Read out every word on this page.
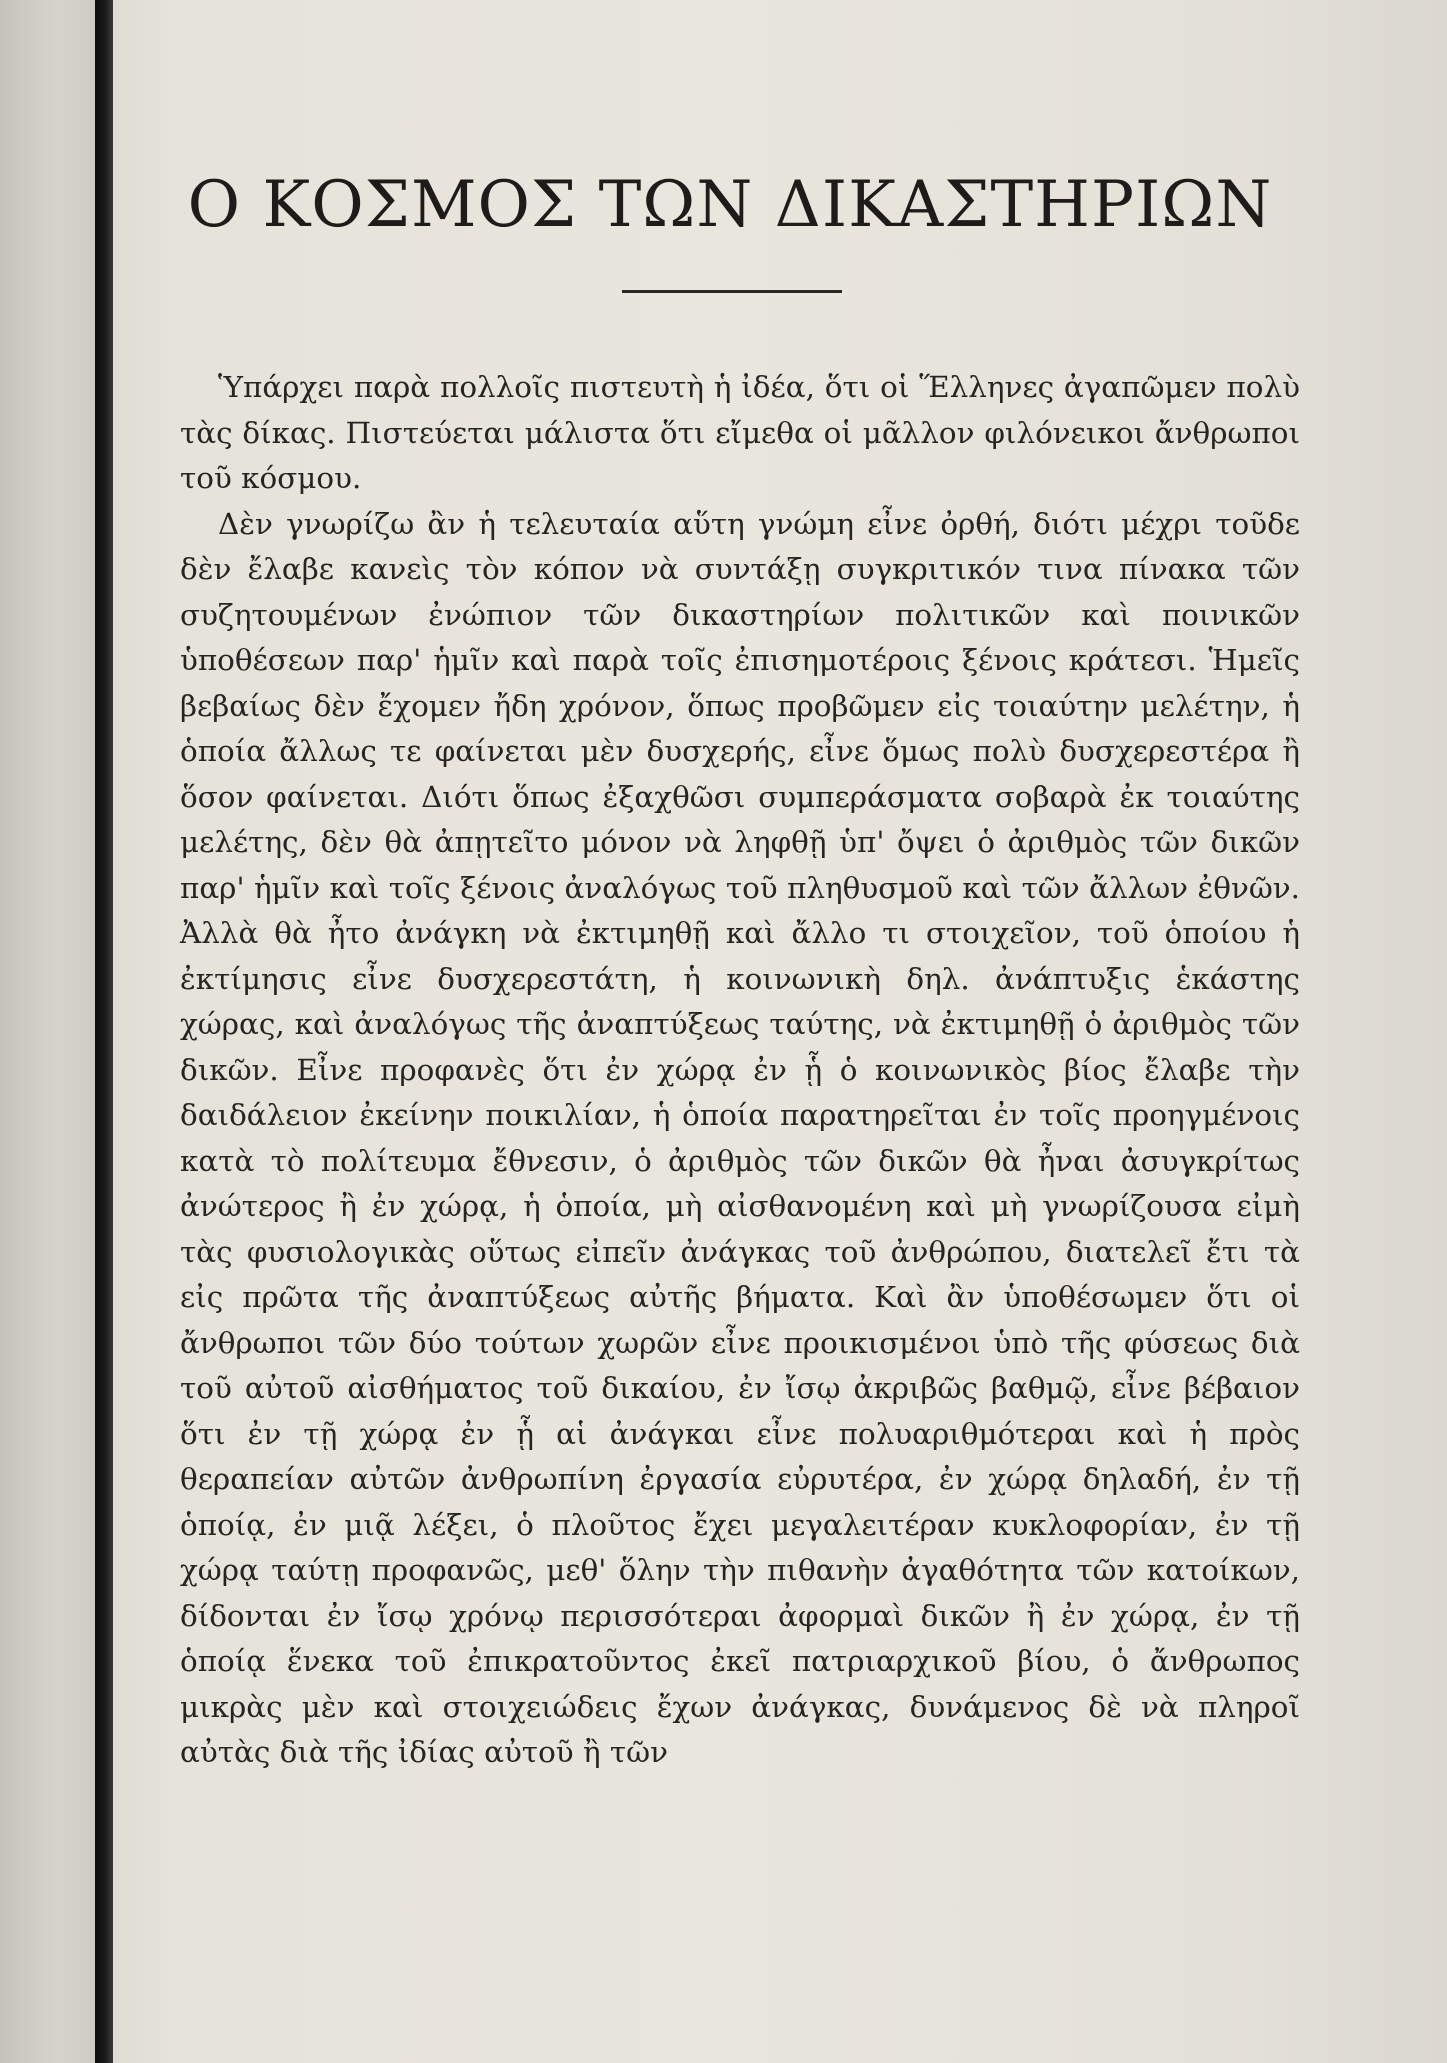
Ο ΚΟΣΜΟΣ ΤΩΝ ΔΙΚΑΣΤΗΡΙΩΝ

Ὑπάρχει παρὰ πολλοῖς πιστευτὴ ἡ ἰδέα, ὅτι οἱ Ἕλληνες ἀγαπῶμεν πολὺ τὰς δίκας. Πιστεύεται μάλιστα ὅτι εἴμεθα οἱ μᾶλλον φιλόνεικοι ἄνθρωποι τοῦ κόσμου.

Δὲν γνωρίζω ἂν ἡ τελευταία αὕτη γνώμη εἶνε ὀρθή, διότι μέχρι τοῦδε δὲν ἔλαβε κανεὶς τὸν κόπον νὰ συντάξῃ συγκριτικόν τινα πίνακα τῶν συζητουμένων ἐνώπιον τῶν δικαστηρίων πολιτικῶν καὶ ποινικῶν ὑποθέσεων παρ' ἡμῖν καὶ παρὰ τοῖς ἐπισημοτέροις ξένοις κράτεσι. Ἡμεῖς βεβαίως δὲν ἔχομεν ἤδη χρόνον, ὅπως προβῶμεν εἰς τοιαύτην μελέτην, ἡ ὁποία ἄλλως τε φαίνεται μὲν δυσχερής, εἶνε ὅμως πολὺ δυσχερεστέρα ἢ ὅσον φαίνεται. Διότι ὅπως ἐξαχθῶσι συμπεράσματα σοβαρὰ ἐκ τοιαύτης μελέτης, δὲν θὰ ἀπῃτεῖτο μόνον νὰ ληφθῇ ὑπ' ὄψει ὁ ἀριθμὸς τῶν δικῶν παρ' ἡμῖν καὶ τοῖς ξένοις ἀναλόγως τοῦ πληθυσμοῦ καὶ τῶν ἄλλων ἐθνῶν. Ἀλλὰ θὰ ἦτο ἀνάγκη νὰ ἐκτιμηθῇ καὶ ἄλλο τι στοιχεῖον, τοῦ ὁποίου ἡ ἐκτίμησις εἶνε δυσχερεστάτη, ἡ κοινωνικὴ δηλ. ἀνάπτυξις ἑκάστης χώρας, καὶ ἀναλόγως τῆς ἀναπτύξεως ταύτης, νὰ ἐκτιμηθῇ ὁ ἀριθμὸς τῶν δικῶν. Εἶνε προφανὲς ὅτι ἐν χώρᾳ ἐν ᾗ ὁ κοινωνικὸς βίος ἔλαβε τὴν δαιδάλειον ἐκείνην ποικιλίαν, ἡ ὁποία παρατηρεῖται ἐν τοῖς προηγμένοις κατὰ τὸ πολίτευμα ἔθνεσιν, ὁ ἀριθμὸς τῶν δικῶν θὰ ἦναι ἀσυγκρίτως ἀνώτερος ἢ ἐν χώρᾳ, ἡ ὁποία, μὴ αἰσθανομένη καὶ μὴ γνωρίζουσα εἰμὴ τὰς φυσιολογικὰς οὕτως εἰπεῖν ἀνάγκας τοῦ ἀνθρώπου, διατελεῖ ἔτι τὰ εἰς πρῶτα τῆς ἀναπτύξεως αὐτῆς βήματα. Καὶ ἂν ὑποθέσωμεν ὅτι οἱ ἄνθρωποι τῶν δύο τούτων χωρῶν εἶνε προικισμένοι ὑπὸ τῆς φύσεως διὰ τοῦ αὐτοῦ αἰσθήματος τοῦ δικαίου, ἐν ἴσῳ ἀκριβῶς βαθμῷ, εἶνε βέβαιον ὅτι ἐν τῇ χώρᾳ ἐν ᾗ αἱ ἀνάγκαι εἶνε πολυαριθμότεραι καὶ ἡ πρὸς θεραπείαν αὐτῶν ἀνθρωπίνη ἐργασία εὐρυτέρα, ἐν χώρᾳ δηλαδή, ἐν τῇ ὁποίᾳ, ἐν μιᾷ λέξει, ὁ πλοῦτος ἔχει μεγαλειτέραν κυκλοφορίαν, ἐν τῇ χώρᾳ ταύτῃ προφανῶς, μεθ' ὅλην τὴν πιθανὴν ἀγαθότητα τῶν κατοίκων, δίδονται ἐν ἴσῳ χρόνῳ περισσότεραι ἀφορμαὶ δικῶν ἢ ἐν χώρᾳ, ἐν τῇ ὁποίᾳ ἕνεκα τοῦ ἐπικρατοῦντος ἐκεῖ πατριαρχικοῦ βίου, ὁ ἄνθρωπος μικρὰς μὲν καὶ στοιχειώδεις ἔχων ἀνάγκας, δυνάμενος δὲ νὰ πληροῖ αὐτὰς διὰ τῆς ἰδίας αὐτοῦ ἢ τῶν
